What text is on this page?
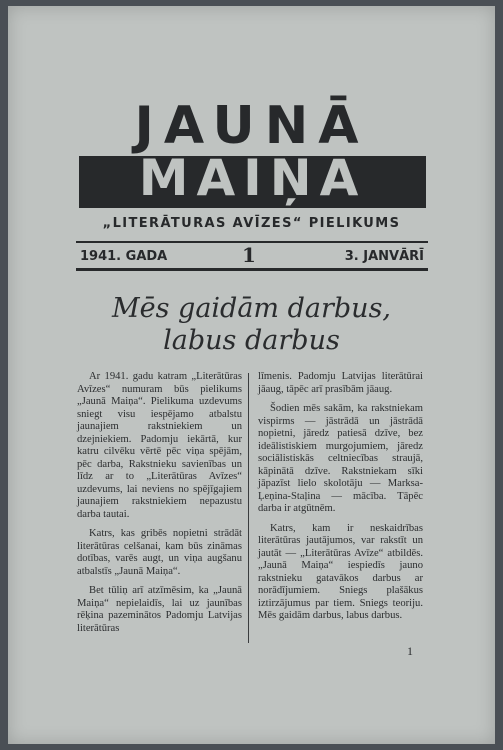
JAUNĀ
MAIŅA
„LITERĀTURAS AVĪZES“ PIELIKUMS
1941. GADA	1	3. JANVĀRĪ
Mēs gaidām darbus,
labus darbus

Ar 1941. gadu katram „Literātūras Avīzes“ numuram būs pielikums „Jaunā Maiņa“. Pielikuma uzdevums sniegt visu iespējamo atbalstu jaunajiem rakstniekiem un dzejniekiem. Padomju iekārtā, kur katru cilvēku vērtē pēc viņa spējām, pēc darba, Rakstnieku savienības un līdz ar to „Literātūras Avīzes“ uzdevums, lai neviens no spējīgajiem jaunajiem rakstniekiem nepazustu darba tautai.

Katrs, kas gribēs nopietni strādāt literātūras celšanai, kam būs zināmas dotības, varēs augt, un viņa augšanu atbalstīs „Jaunā Maiņa“.

Bet tūliņ arī atzīmēsim, ka „Jaunā Maiņa“ nepielaidīs, lai uz jaunības rēķina pazeminātos Padomju Latvijas literātūras

līmenis. Padomju Latvijas literātūrai jāaug, tāpēc arī prasībām jāaug.

Šodien mēs sakām, ka rakstniekam vispirms — jāstrādā un jāstrādā nopietni, jāredz patiesā dzīve, bez ideālistiskiem murgojumiem, jāredz sociālistiskās celtniecības straujā, kāpinātā dzīve. Rakstniekam sīki jāpazīst lielo skolotāju — Marksa-Ļeņina-Staļina — mācība. Tāpēc darba ir atgūtnēm.

Katrs, kam ir neskaidrības literātūras jautājumos, var rakstīt un jautāt — „Literātūras Avīze“ atbildēs. „Jaunā Maiņa“ iespiedīs jauno rakstnieku gatavākos darbus ar norādījumiem. Sniegs plašākus iztirzājumus par tiem. Sniegs teoriju. Mēs gaidām darbus, labus darbus.

1
